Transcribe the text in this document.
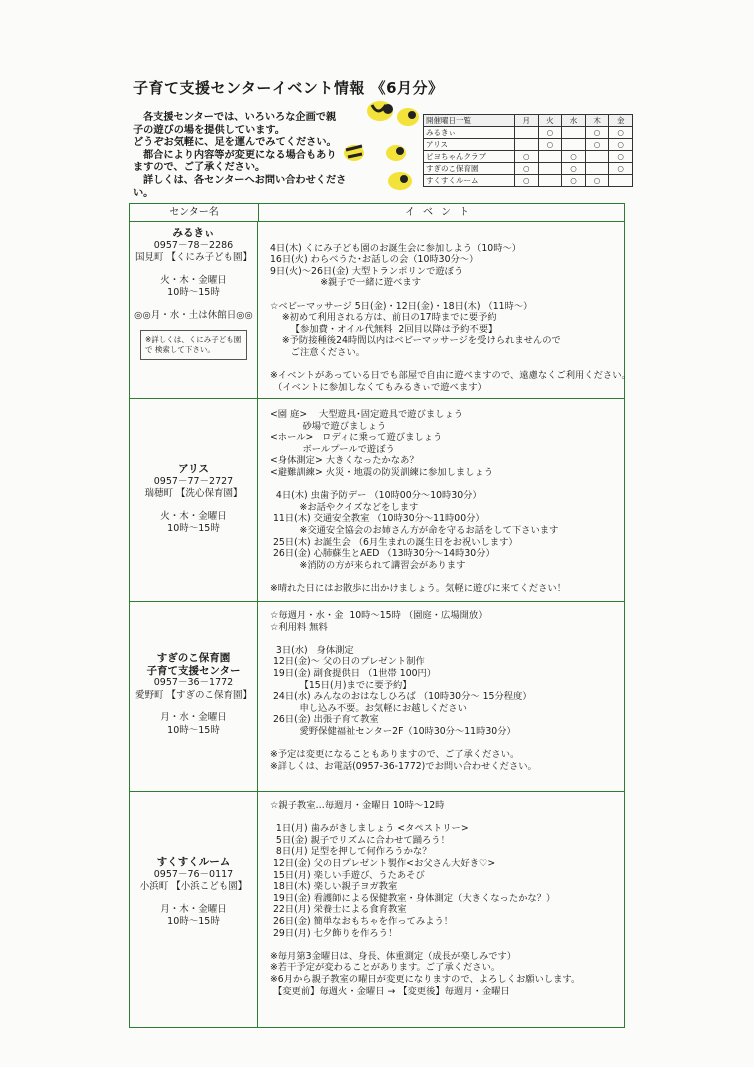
子育て支援センターイベント情報 《6月分》
各支援センターでは、いろいろな企画で親
子の遊びの場を提供しています。
どうぞお気軽に、足を運んでみてください。
都合により内容等が変更になる場合もあり
ますので、ご了承ください。
詳しくは、各センターへお問い合わせくださ
い。
開催曜日一覧	月	火	水	木	金
みるきぃ		○		○	○
アリス		○		○	○
ピヨちゃんクラブ	○		○		○
すぎのこ保育園	○		○		○
すくすくルーム	○		○	○	
センター名	イベント
みるきぃ
0957－78－2286
国見町 【くにみ子ども園】
火・木・金曜日
10時～15時
◎◎月・水・土は休館日◎◎
※詳しくは、くにみ子ども園
で 検索して下さい。

4日(木) くにみ子ども園のお誕生会に参加しよう（10時～）
16日(火) わらべうた･お話しの会（10時30分～）
9日(火)～26日(金) 大型トランポリンで遊ぼう
※親子で一緒に遊べます

☆ベビーマッサージ 5日(金)・12日(金)・18日(木) （11時～）
※初めて利用される方は、前日の17時までに要予約
【参加費・オイル代無料  2回目以降は予約不要】
※予防接種後24時間以内はベビーマッサージを受けられませんので
ご注意ください。

※イベントがあっている日でも部屋で自由に遊べますので、遠慮なくご利用ください。
（イベントに参加しなくてもみるきぃで遊べます）
アリス
0957－77－2727
瑞穂町 【洗心保育園】
火・木・金曜日
10時～15時
<園 庭>    大型遊具･固定遊具で遊びましょう
砂場で遊びましょう
<ホール>   ロディに乗って遊びましょう
ボールプールで遊ぼう
<身体測定> 大きくなったかなあ？
<避難訓練> 火災・地震の防災訓練に参加しましょう

4日(木) 虫歯予防デー （10時00分～10時30分）
※お話やクイズなどをします
11日(木) 交通安全教室 （10時30分～11時00分）
※交通安全協会のお姉さん方が命を守るお話をして下さいます
25日(木) お誕生会 （6月生まれの誕生日をお祝いします）
26日(金) 心肺蘇生とAED （13時30分～14時30分）
※消防の方が来られて講習会があります

※晴れた日にはお散歩に出かけましょう。気軽に遊びに来てください！
すぎのこ保育園
子育て支援センター
0957－36－1772
愛野町 【すぎのこ保育園】
月・水・金曜日
10時～15時
☆毎週月・水・金  10時～15時 （園庭・広場開放）
☆利用料 無料

3日(水)   身体測定
12日(金)～ 父の日のプレゼント制作
19日(金) 副食提供日 （1世帯 100円）
【15日(月)までに要予約】
24日(水) みんなのおはなしひろば （10時30分～ 15分程度）
申し込み不要。お気軽にお越しください
26日(金) 出張子育て教室
愛野保健福祉センター2F（10時30分～11時30分）

※予定は変更になることもありますので、ご了承ください。
※詳しくは、お電話(0957-36-1772)でお問い合わせください。
すくすくルーム
0957－76－0117
小浜町 【小浜こども園】
月・木・金曜日
10時～15時
☆親子教室…毎週月・金曜日 10時～12時

1日(月) 歯みがきしましょう <タペストリー>
5日(金) 親子でリズムに合わせて踊ろう！
8日(月) 足型を押して何作ろうかな？
12日(金) 父の日プレゼント製作<お父さん大好き♡>
15日(月) 楽しい手遊び、うたあそび
18日(木) 楽しい親子ヨガ教室
19日(金) 看護師による保健教室・身体測定（大きくなったかな？）
22日(月) 栄養士による食育教室
26日(金) 簡単なおもちゃを作ってみよう！
29日(月) 七夕飾りを作ろう！

※毎月第3金曜日は、身長、体重測定（成長が楽しみです）
※若干予定が変わることがあります。ご了承ください。
※6月から親子教室の曜日が変更になりますので、よろしくお願いします。
【変更前】毎週火・金曜日 → 【変更後】毎週月・金曜日
